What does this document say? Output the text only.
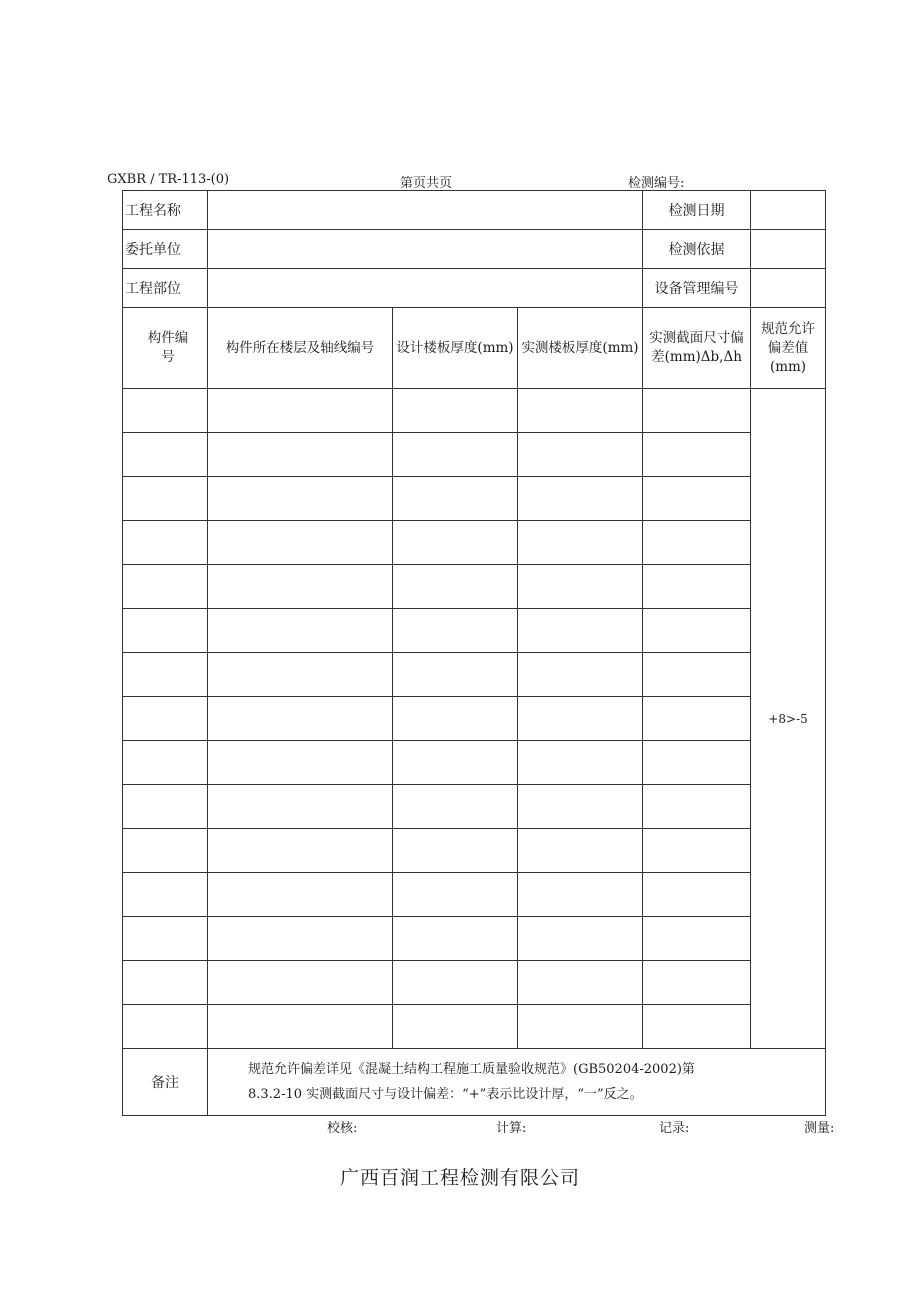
GXBR / TR-113-(0)	第页共页	检测编号:
工程名称				检测日期	
委托单位				检测依据	
工程部位				设备管理编号	

构件编号	构件所在楼层及轴线编号	设计楼板厚度(mm)	实测楼板厚度(mm)	实测截面尺寸偏差(mm)Δb,Δh	规范允许偏差值(mm)

					+8>-5

备注	规范允许偏差详见《混凝土结构工程施工质量验收规范》(GB50204-2002)第
8.3.2-10 实测截面尺寸与设计偏差：“+”表示比设计厚，“一”反之。				
校核:	计算:	记录:	测量:
广西百润工程检测有限公司
